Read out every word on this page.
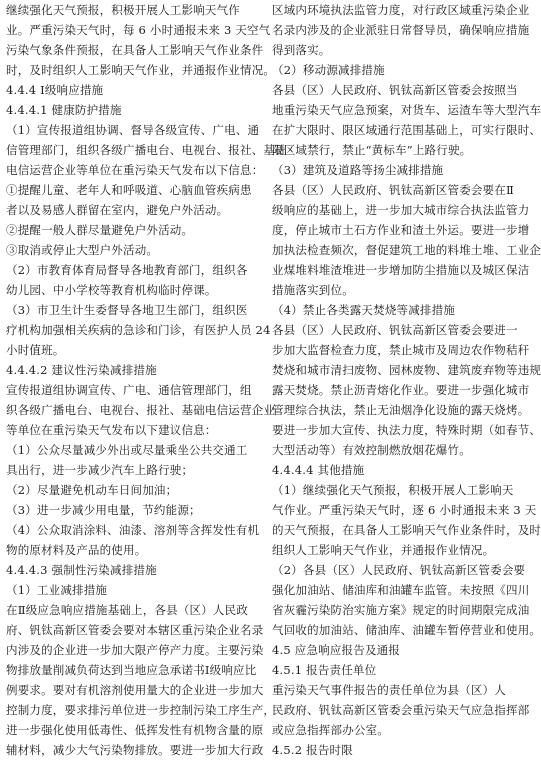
继续强化天气预报，积极开展人工影响天气作
业。严重污染天气时，每 6 小时通报未来 3 天空气
污染气象条件预报，在具备人工影响天气作业条件
时，及时组织人工影响天气作业，并通报作业情况。
4.4.4 Ⅰ级响应措施
4.4.4.1 健康防护措施
（1）宣传报道组协调、督导各级宣传、广电、通
信管理部门，组织各级广播电台、电视台、报社、基础
电信运营企业等单位在重污染天气发布以下信息：
①提醒儿童、老年人和呼吸道、心脑血管疾病患
者以及易感人群留在室内，避免户外活动。
②提醒一般人群尽量避免户外活动。
③取消或停止大型户外活动。
（2）市教育体育局督导各地教育部门，组织各
幼儿园、中小学校等教育机构临时停课。
（3）市卫生计生委督导各地卫生部门，组织医
疗机构加强相关疾病的急诊和门诊，有医护人员 24
小时值班。
4.4.4.2 建议性污染减排措施
宣传报道组协调宣传、广电、通信管理部门，组
织各级广播电台、电视台、报社、基础电信运营企业
等单位在重污染天气发布以下建议信息：
（1）公众尽量减少外出或尽量乘坐公共交通工
具出行，进一步减少汽车上路行驶；
（2）尽量避免机动车日间加油；
（3）进一步减少用电量，节约能源；
（4）公众取消涂料、油漆、溶剂等含挥发性有机
物的原材料及产品的使用。
4.4.4.3 强制性污染减排措施
（1）工业减排措施
在Ⅱ级应急响应措施基础上，各县（区）人民政
府、钒钛高新区管委会要对本辖区重污染企业名录
内涉及的企业进一步加大限产停产力度。主要污染
物排放量削减负荷达到当地应急承诺书Ⅰ级响应比
例要求。要对有机溶剂使用量大的企业进一步加大
控制力度，要求排污单位进一步控制污染工序生产，
进一步强化使用低毒性、低挥发性有机物含量的原
辅材料，减少大气污染物排放。要进一步加大行政
区域内环境执法监管力度，对行政区域重污染企业
名录内涉及的企业派驻日常督导员，确保响应措施
得到落实。
（2）移动源减排措施
各县（区）人民政府、钒钛高新区管委会按照当
地重污染天气应急预案，对货车、运渣车等大型汽车
在扩大限时、限区域通行范围基础上，可实行限时、
限区域禁行，禁止“黄标车”上路行驶。
（3）建筑及道路等扬尘减排措施
各县（区）人民政府、钒钛高新区管委会要在Ⅱ
级响应的基础上，进一步加大城市综合执法监管力
度，停止城市土石方作业和渣土外运。要进一步增
加执法检查频次，督促建筑工地的料堆土堆、工业企
业煤堆料堆渣堆进一步增加防尘措施以及城区保洁
措施落实到位。
（4）禁止各类露天焚烧等减排措施
各县（区）人民政府、钒钛高新区管委会要进一
步加大监督检查力度，禁止城市及周边农作物秸秆
焚烧和城市清扫废物、园林废物、建筑废弃物等违规
露天焚烧。禁止沥青熔化作业。要进一步强化城市
管理综合执法，禁止无油烟净化设施的露天烧烤。
要进一步加大宣传、执法力度，特殊时期（如春节、
大型活动等）有效控制燃放烟花爆竹。
4.4.4.4 其他措施
（1）继续强化天气预报，积极开展人工影响天
气作业。严重污染天气时，逐 6 小时通报未来 3 天
的天气预报，在具备人工影响天气作业条件时，及时
组织人工影响天气作业，并通报作业情况。
（2）各县（区）人民政府、钒钛高新区管委会要
强化加油站、储油库和油罐车监管。未按照《四川
省灰霾污染防治实施方案》规定的时间期限完成油
气回收的加油站、储油库、油罐车暂停营业和使用。
4.5 应急响应报告及通报
4.5.1 报告责任单位
重污染天气事件报告的责任单位为县（区）人
民政府、钒钛高新区管委会重污染天气应急指挥部
或应急指挥部办公室。
4.5.2 报告时限
